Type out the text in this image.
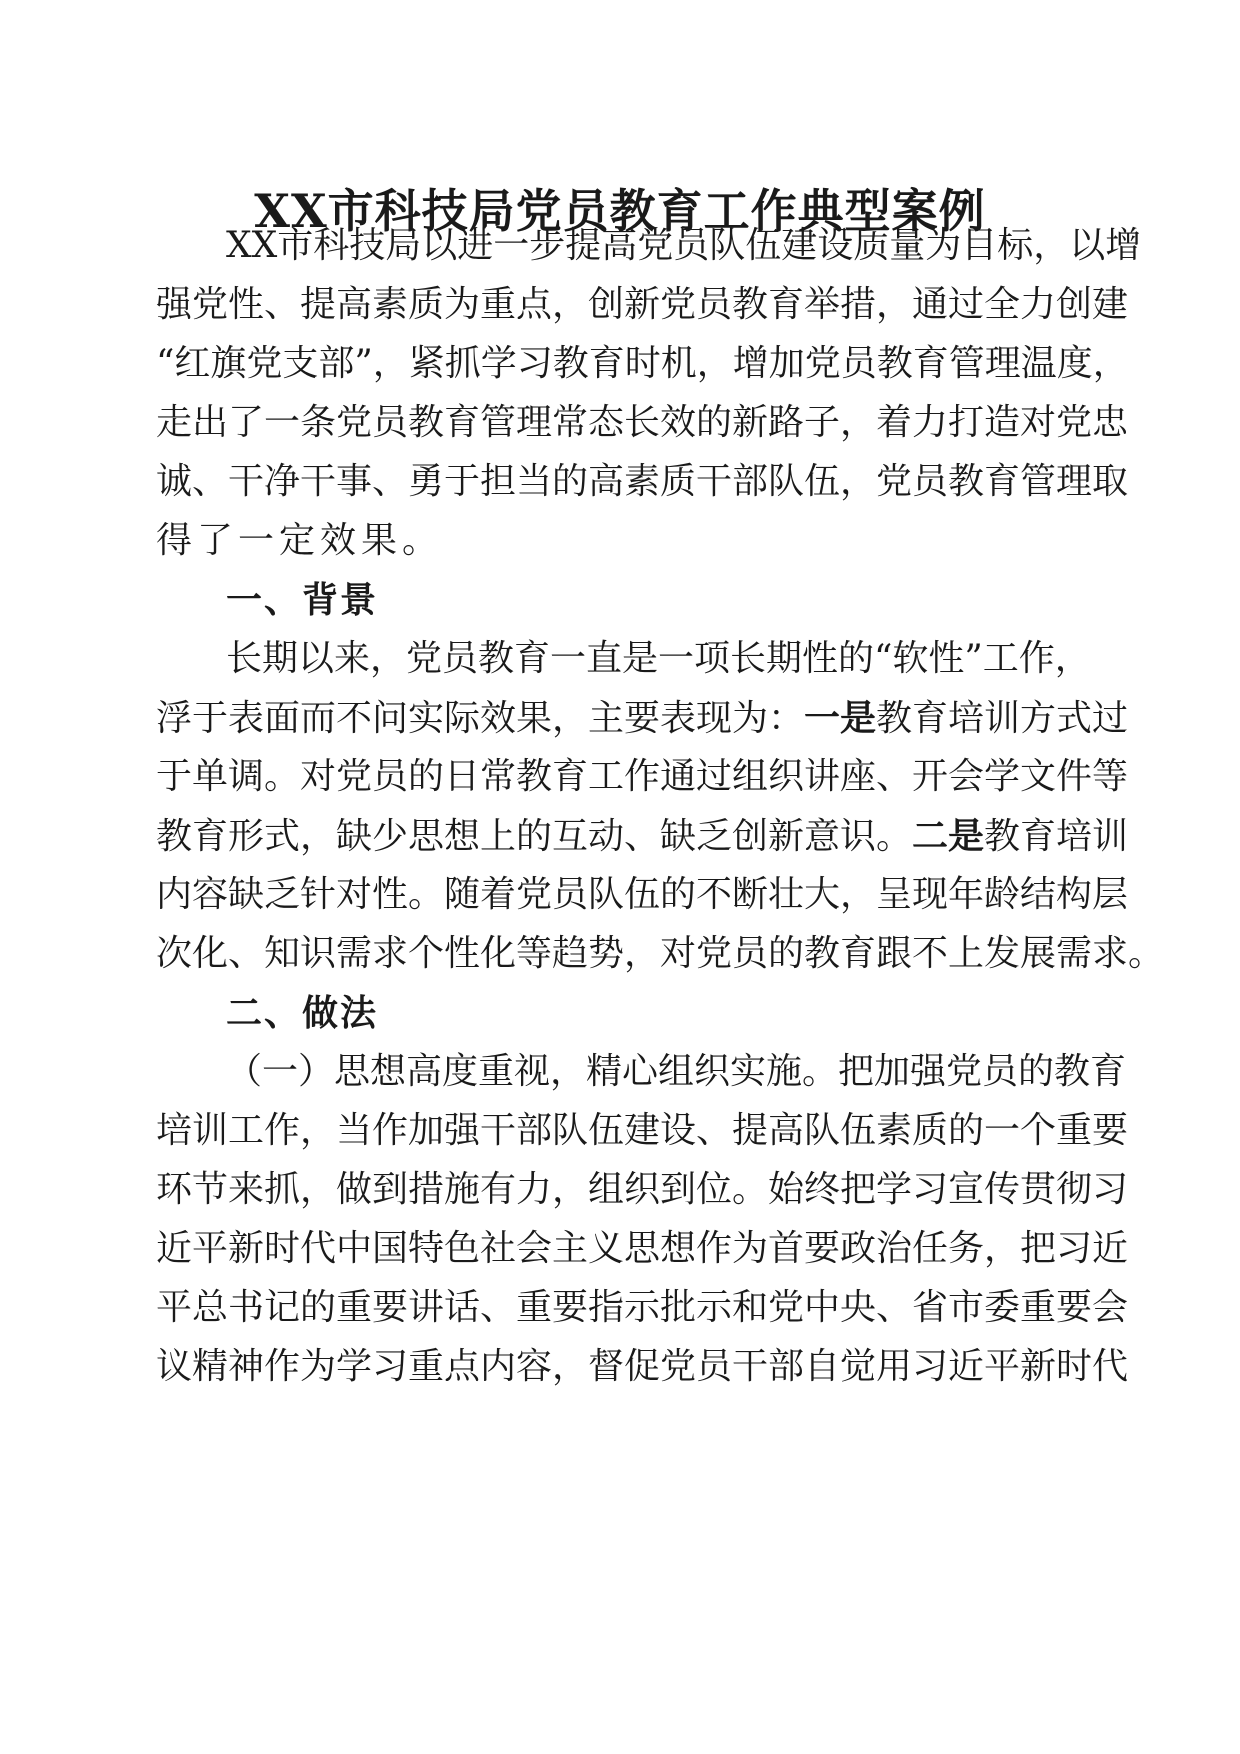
XX市科技局党员教育工作典型案例
XX市科技局以进一步提高党员队伍建设质量为目标，以增
强党性、提高素质为重点，创新党员教育举措，通过全力创建
“红旗党支部”，紧抓学习教育时机，增加党员教育管理温度，
走出了一条党员教育管理常态长效的新路子，着力打造对党忠
诚、干净干事、勇于担当的高素质干部队伍，党员教育管理取
得了一定效果。
一、背景
长期以来，党员教育一直是一项长期性的“软性”工作，
浮于表面而不问实际效果，主要表现为：一是教育培训方式过
于单调。对党员的日常教育工作通过组织讲座、开会学文件等
教育形式，缺少思想上的互动、缺乏创新意识。二是教育培训
内容缺乏针对性。随着党员队伍的不断壮大，呈现年龄结构层
次化、知识需求个性化等趋势，对党员的教育跟不上发展需求。
二、做法
（一）思想高度重视，精心组织实施。把加强党员的教育
培训工作，当作加强干部队伍建设、提高队伍素质的一个重要
环节来抓，做到措施有力，组织到位。始终把学习宣传贯彻习
近平新时代中国特色社会主义思想作为首要政治任务，把习近
平总书记的重要讲话、重要指示批示和党中央、省市委重要会
议精神作为学习重点内容，督促党员干部自觉用习近平新时代
